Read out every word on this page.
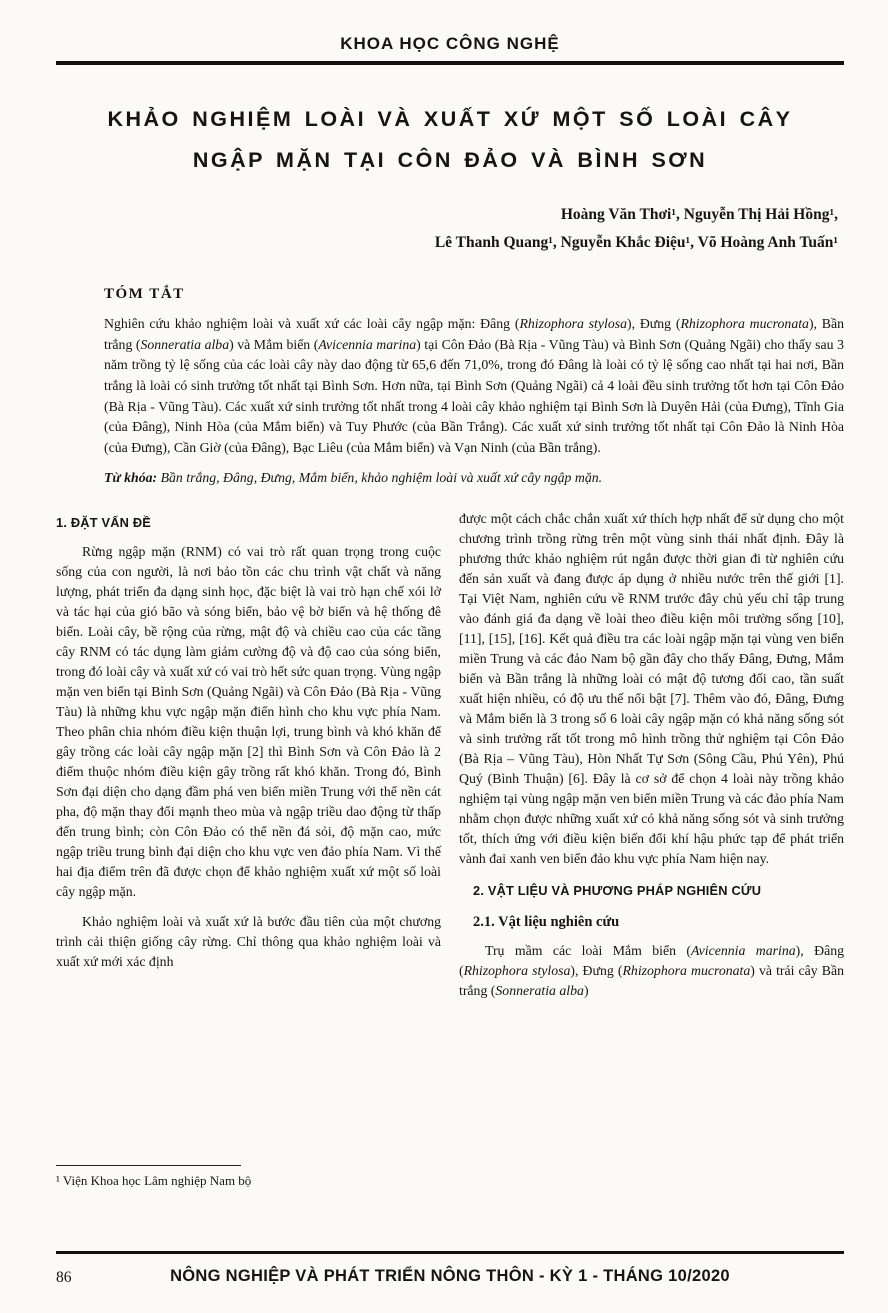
KHOA HỌC CÔNG NGHỆ
KHẢO NGHIỆM LOÀI VÀ XUẤT XỨ MỘT SỐ LOÀI CÂY
NGẬP MẶN TẠI CÔN ĐẢO VÀ BÌNH SƠN
Hoàng Văn Thơi¹, Nguyễn Thị Hải Hồng¹,
Lê Thanh Quang¹, Nguyễn Khắc Điệu¹, Võ Hoàng Anh Tuấn¹
TÓM TẮT

Nghiên cứu khảo nghiệm loài và xuất xứ các loài cây ngập mặn: Đâng (Rhizophora stylosa), Đưng (Rhizophora mucronata), Bần trắng (Sonneratia alba) và Mắm biển (Avicennia marina) tại Côn Đảo (Bà Rịa - Vũng Tàu) và Bình Sơn (Quảng Ngãi) cho thấy sau 3 năm trồng tỷ lệ sống của các loài cây này dao động từ 65,6 đến 71,0%, trong đó Đâng là loài có tỷ lệ sống cao nhất tại hai nơi, Bần trắng là loài có sinh trưởng tốt nhất tại Bình Sơn. Hơn nữa, tại Bình Sơn (Quảng Ngãi) cả 4 loài đều sinh trưởng tốt hơn tại Côn Đảo (Bà Rịa - Vũng Tàu). Các xuất xứ sinh trưởng tốt nhất trong 4 loài cây khảo nghiệm tại Bình Sơn là Duyên Hải (của Đưng), Tĩnh Gia (của Đâng), Ninh Hòa (của Mắm biển) và Tuy Phước (của Bần Trắng). Các xuất xứ sinh trưởng tốt nhất tại Côn Đảo là Ninh Hòa (của Đưng), Cần Giờ (của Đâng), Bạc Liêu (của Mắm biển) và Vạn Ninh (của Bần trắng).

Từ khóa: Bần trắng, Đâng, Đưng, Mắm biển, khảo nghiệm loài và xuất xứ cây ngập mặn.

1. ĐẶT VẤN ĐỀ

Rừng ngập mặn (RNM) có vai trò rất quan trọng trong cuộc sống của con người, là nơi bảo tồn các chu trình vật chất và năng lượng, phát triển đa dạng sinh học, đặc biệt là vai trò hạn chế xói lở và tác hại của gió bão và sóng biển, bảo vệ bờ biển và hệ thống đê biển. Loài cây, bề rộng của rừng, mật độ và chiều cao của các tầng cây RNM có tác dụng làm giảm cường độ và độ cao của sóng biển, trong đó loài cây và xuất xứ có vai trò hết sức quan trọng. Vùng ngập mặn ven biển tại Bình Sơn (Quảng Ngãi) và Côn Đảo (Bà Rịa - Vũng Tàu) là những khu vực ngập mặn điển hình cho khu vực phía Nam. Theo phân chia nhóm điều kiện thuận lợi, trung bình và khó khăn để gây trồng các loài cây ngập mặn [2] thì Bình Sơn và Côn Đảo là 2 điểm thuộc nhóm điều kiện gây trồng rất khó khăn. Trong đó, Bình Sơn đại diện cho dạng đầm phá ven biển miền Trung với thể nền cát pha, độ mặn thay đổi mạnh theo mùa và ngập triều dao động từ thấp đến trung bình; còn Côn Đảo có thể nền đá sỏi, độ mặn cao, mức ngập triều trung bình đại diện cho khu vực ven đảo phía Nam. Vì thế hai địa điểm trên đã được chọn để khảo nghiệm xuất xứ một số loài cây ngập mặn.

Khảo nghiệm loài và xuất xứ là bước đầu tiên của một chương trình cải thiện giống cây rừng. Chỉ thông qua khảo nghiệm loài và xuất xứ mới xác định

¹ Viện Khoa học Lâm nghiệp Nam bộ

được một cách chắc chắn xuất xứ thích hợp nhất để sử dụng cho một chương trình trồng rừng trên một vùng sinh thái nhất định. Đây là phương thức khảo nghiệm rút ngắn được thời gian đi từ nghiên cứu đến sản xuất và đang được áp dụng ở nhiều nước trên thế giới [1]. Tại Việt Nam, nghiên cứu về RNM trước đây chủ yếu chỉ tập trung vào đánh giá đa dạng về loài theo điều kiện môi trường sống [10], [11], [15], [16]. Kết quả điều tra các loài ngập mặn tại vùng ven biển miền Trung và các đảo Nam bộ gần đây cho thấy Đâng, Đưng, Mắm biển và Bần trắng là những loài có mật độ tương đối cao, tần suất xuất hiện nhiều, có độ ưu thế nổi bật [7]. Thêm vào đó, Đâng, Đưng và Mắm biển là 3 trong số 6 loài cây ngập mặn có khả năng sống sót và sinh trưởng rất tốt trong mô hình trồng thử nghiệm tại Côn Đảo (Bà Rịa – Vũng Tàu), Hòn Nhất Tự Sơn (Sông Cầu, Phú Yên), Phú Quý (Bình Thuận) [6]. Đây là cơ sở để chọn 4 loài này trồng khảo nghiệm tại vùng ngập mặn ven biển miền Trung và các đảo phía Nam nhằm chọn được những xuất xứ có khả năng sống sót và sinh trưởng tốt, thích ứng với điều kiện biến đổi khí hậu phức tạp để phát triển vành đai xanh ven biển đảo khu vực phía Nam hiện nay.

2. VẬT LIỆU VÀ PHƯƠNG PHÁP NGHIÊN CỨU
2.1. Vật liệu nghiên cứu

Trụ mầm các loài Mắm biển (Avicennia marina), Đâng (Rhizophora stylosa), Đưng (Rhizophora mucronata) và trái cây Bần trắng (Sonneratia alba)

86	NÔNG NGHIỆP VÀ PHÁT TRIỂN NÔNG THÔN - KỲ 1 - THÁNG 10/2020
